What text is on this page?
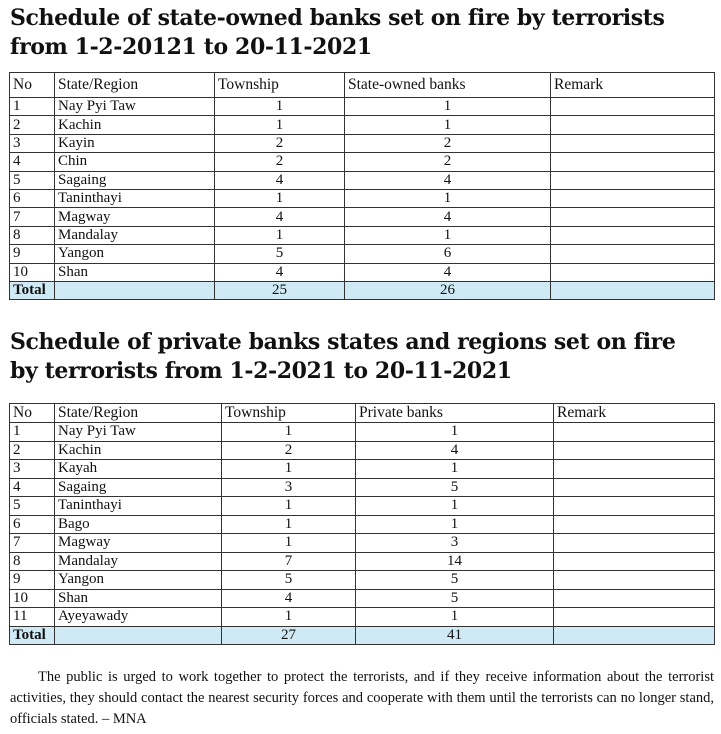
Schedule of state-owned banks set on fire by terrorists from 1-2-20121 to 20-11-2021
No	State/Region	Township	State-owned banks	Remark
1	Nay Pyi Taw	1	1	
2	Kachin	1	1	
3	Kayin	2	2	
4	Chin	2	2	
5	Sagaing	4	4	
6	Taninthayi	1	1	
7	Magway	4	4	
8	Mandalay	1	1	
9	Yangon	5	6	
10	Shan	4	4	
Total		25	26	
Schedule of private banks states and regions set on fire by terrorists from 1-2-2021 to 20-11-2021
No	State/Region	Township	Private banks	Remark
1	Nay Pyi Taw	1	1	
2	Kachin	2	4	
3	Kayah	1	1	
4	Sagaing	3	5	
5	Taninthayi	1	1	
6	Bago	1	1	
7	Magway	1	3	
8	Mandalay	7	14	
9	Yangon	5	5	
10	Shan	4	5	
11	Ayeyawady	1	1	
Total		27	41	

The public is urged to work together to protect the terrorists, and if they receive information about the terrorist activities, they should contact the nearest security forces and cooperate with them until the terrorists can no longer stand, officials stated. – MNA
